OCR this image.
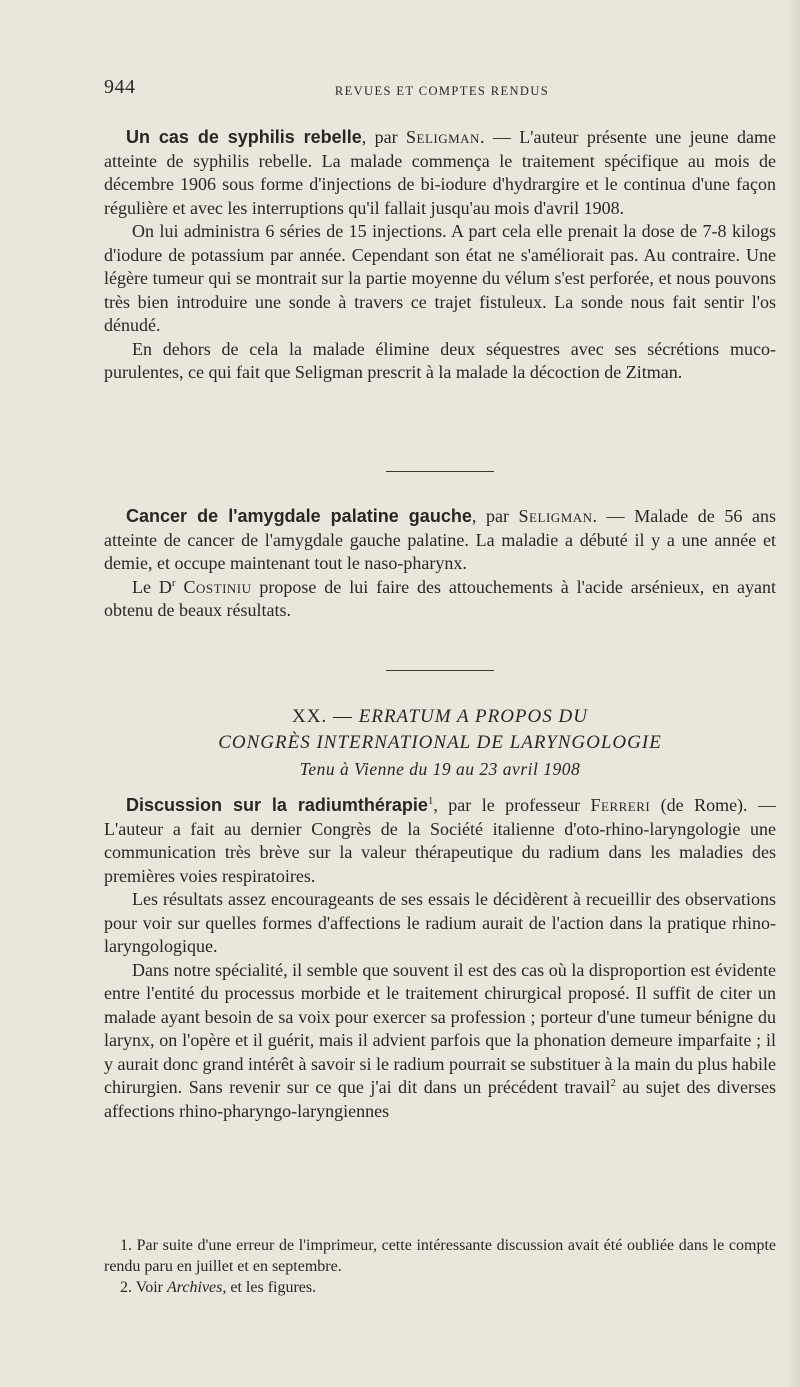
944	REVUES ET COMPTES RENDUS

Un cas de syphilis rebelle, par Seligman. — L'auteur présente une jeune dame atteinte de syphilis rebelle. La malade commença le traitement spécifique au mois de décembre 1906 sous forme d'injections de bi-iodure d'hydrargire et le continua d'une façon régulière et avec les interruptions qu'il fallait jusqu'au mois d'avril 1908.

On lui administra 6 séries de 15 injections. A part cela elle prenait la dose de 7-8 kilogs d'iodure de potassium par année. Cependant son état ne s'améliorait pas. Au contraire. Une légère tumeur qui se montrait sur la partie moyenne du vélum s'est perforée, et nous pouvons très bien introduire une sonde à travers ce trajet fistuleux. La sonde nous fait sentir l'os dénudé.

En dehors de cela la malade élimine deux séquestres avec ses sécrétions muco-purulentes, ce qui fait que Seligman prescrit à la malade la décoction de Zitman.

Cancer de l'amygdale palatine gauche, par Seligman. — Malade de 56 ans atteinte de cancer de l'amygdale gauche palatine. La maladie a débuté il y a une année et demie, et occupe maintenant tout le naso-pharynx.

Le $D^r$ Costiniu propose de lui faire des attouchements à l'acide arsénieux, en ayant obtenu de beaux résultats.

XX. — ERRATUM A PROPOS DU
CONGRÈS INTERNATIONAL DE LARYNGOLOGIE
Tenu à Vienne du 19 au 23 avril 1908

Discussion sur la radiumthérapie$^1$, par le professeur Ferreri (de Rome). — L'auteur a fait au dernier Congrès de la Société italienne d'oto-rhino-laryngologie une communication très brève sur la valeur thérapeutique du radium dans les maladies des premières voies respiratoires.

Les résultats assez encourageants de ses essais le décidèrent à recueillir des observations pour voir sur quelles formes d'affections le radium aurait de l'action dans la pratique rhino-laryngologique.

Dans notre spécialité, il semble que souvent il est des cas où la disproportion est évidente entre l'entité du processus morbide et le traitement chirurgical proposé. Il suffit de citer un malade ayant besoin de sa voix pour exercer sa profession ; porteur d'une tumeur bénigne du larynx, on l'opère et il guérit, mais il advient parfois que la phonation demeure imparfaite ; il y aurait donc grand intérêt à savoir si le radium pourrait se substituer à la main du plus habile chirurgien. Sans revenir sur ce que j'ai dit dans un précédent travail$^2$ au sujet des diverses affections rhino-pharyngo-laryngiennes

1. Par suite d'une erreur de l'imprimeur, cette intéressante discussion avait été oubliée dans le compte rendu paru en juillet et en septembre.

2. Voir Archives, et les figures.
